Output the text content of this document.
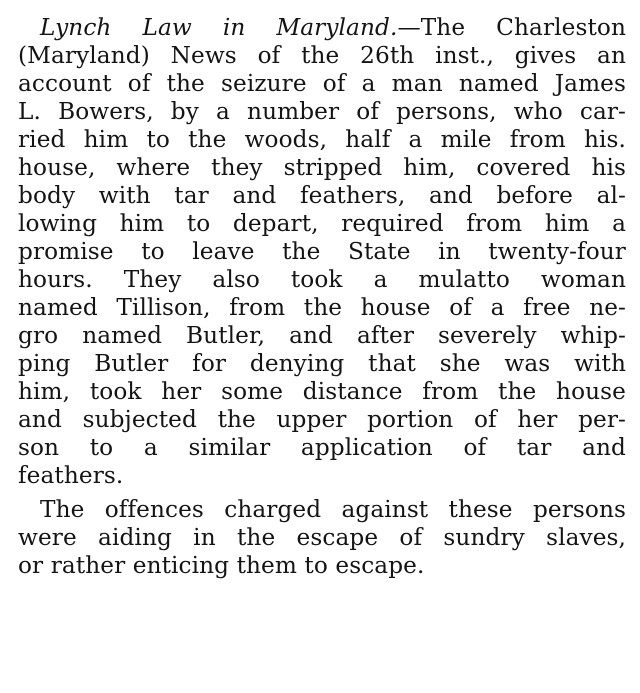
Lynch Law in Maryland.—The Charleston
(Maryland) News of the 26th inst., gives an
account of the seizure of a man named James
L. Bowers, by a number of persons, who car-
ried him to the woods, half a mile from his.
house, where they stripped him, covered his
body with tar and feathers, and before al-
lowing him to depart, required from him a
promise to leave the State in twenty-four
hours. They also took a mulatto woman
named Tillison, from the house of a free ne-
gro named Butler, and after severely whip-
ping Butler for denying that she was with
him, took her some distance from the house
and subjected the upper portion of her per-
son to a similar application of tar and
feathers.
The offences charged against these persons
were aiding in the escape of sundry slaves,
or rather enticing them to escape.
